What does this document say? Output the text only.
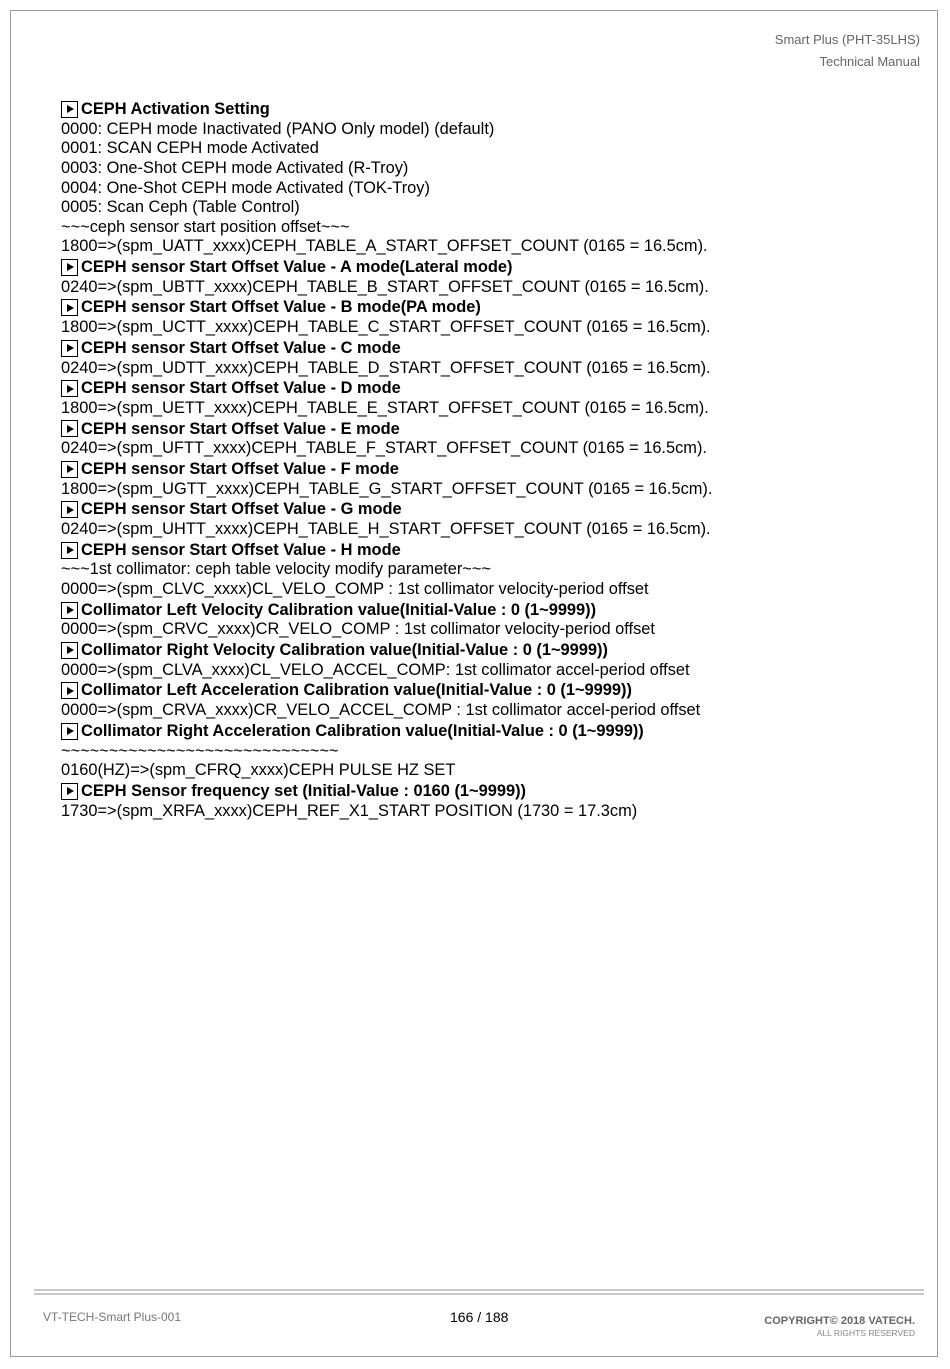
Smart Plus (PHT-35LHS)
Technical Manual
CEPH Activation Setting
0000: CEPH mode Inactivated (PANO Only model) (default)
0001: SCAN CEPH mode Activated
0003: One-Shot CEPH mode Activated (R-Troy)
0004: One-Shot CEPH mode Activated (TOK-Troy)
0005: Scan Ceph (Table Control)
~~~ceph sensor start position offset~~~
1800=>(spm_UATT_xxxx)CEPH_TABLE_A_START_OFFSET_COUNT (0165 = 16.5cm).
CEPH sensor Start Offset Value - A mode(Lateral mode)
0240=>(spm_UBTT_xxxx)CEPH_TABLE_B_START_OFFSET_COUNT (0165 = 16.5cm).
CEPH sensor Start Offset Value - B mode(PA mode)
1800=>(spm_UCTT_xxxx)CEPH_TABLE_C_START_OFFSET_COUNT (0165 = 16.5cm).
CEPH sensor Start Offset Value - C mode
0240=>(spm_UDTT_xxxx)CEPH_TABLE_D_START_OFFSET_COUNT (0165 = 16.5cm).
CEPH sensor Start Offset Value - D mode
1800=>(spm_UETT_xxxx)CEPH_TABLE_E_START_OFFSET_COUNT (0165 = 16.5cm).
CEPH sensor Start Offset Value - E mode
0240=>(spm_UFTT_xxxx)CEPH_TABLE_F_START_OFFSET_COUNT (0165 = 16.5cm).
CEPH sensor Start Offset Value - F mode
1800=>(spm_UGTT_xxxx)CEPH_TABLE_G_START_OFFSET_COUNT (0165 = 16.5cm).
CEPH sensor Start Offset Value - G mode
0240=>(spm_UHTT_xxxx)CEPH_TABLE_H_START_OFFSET_COUNT (0165 = 16.5cm).
CEPH sensor Start Offset Value - H mode
~~~1st collimator: ceph table velocity modify parameter~~~
0000=>(spm_CLVC_xxxx)CL_VELO_COMP : 1st collimator velocity-period offset
Collimator Left Velocity Calibration value(Initial-Value : 0 (1~9999))
0000=>(spm_CRVC_xxxx)CR_VELO_COMP : 1st collimator velocity-period offset
Collimator Right Velocity Calibration value(Initial-Value : 0 (1~9999))
0000=>(spm_CLVA_xxxx)CL_VELO_ACCEL_COMP: 1st collimator accel-period offset
Collimator Left Acceleration Calibration value(Initial-Value : 0 (1~9999))
0000=>(spm_CRVA_xxxx)CR_VELO_ACCEL_COMP : 1st collimator accel-period offset
Collimator Right Acceleration Calibration value(Initial-Value : 0 (1~9999))
~~~~~~~~~~~~~~~~~~~~~~~~~~~~~
0160(HZ)=>(spm_CFRQ_xxxx)CEPH PULSE HZ SET
CEPH Sensor frequency set (Initial-Value : 0160 (1~9999))
1730=>(spm_XRFA_xxxx)CEPH_REF_X1_START POSITION (1730 = 17.3cm)
VT-TECH-Smart Plus-001	166 / 188	COPYRIGHT© 2018 VATECH.
ALL RIGHTS RESERVED
